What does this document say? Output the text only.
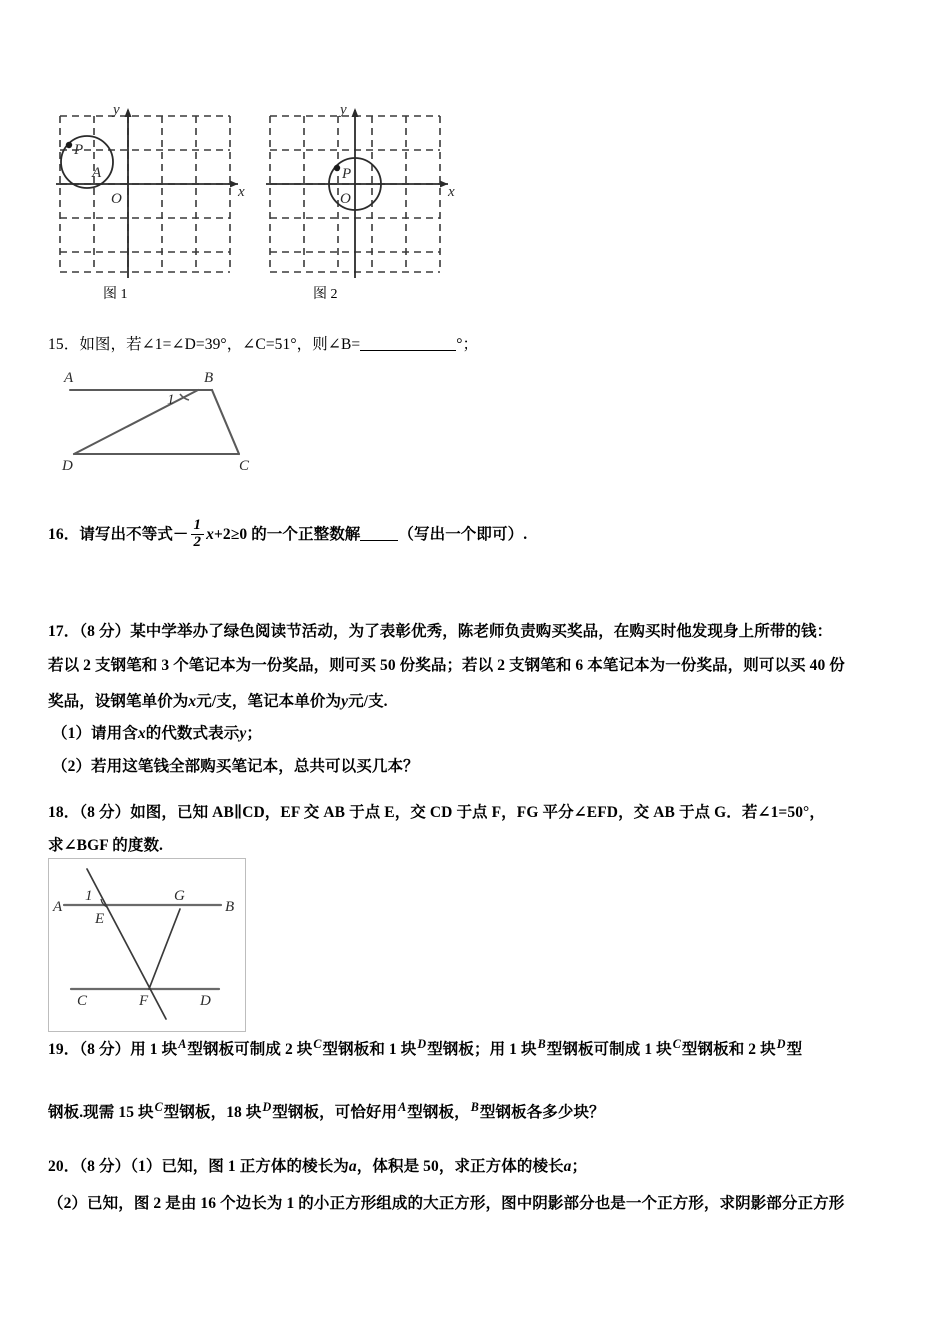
P
A
O	x
y
图 1
P
O	x
y
图 2
15．如图，若∠1=∠D=39°，∠C=51°，则∠B=	°；
1
A	B
C
D
16．请写出不等式－ $\frac{1}{2} x+2\ge 0$ 的一个正整数解 （写出一个即可）.
17．（8 分）某中学举办了绿色阅读节活动，为了表彰优秀，陈老师负责购买奖品，在购买时他发现身上所带的钱：
若以 2 支钢笔和 3 个笔记本为一份奖品，则可买 50 份奖品；若以 2 支钢笔和 6 本笔记本为一份奖品，则可以买 40 份
奖品，设钢笔单价为x元/支，笔记本单价为y元/支.
（1）请用含x的代数式表示y；
（2）若用这笔钱全部购买笔记本，总共可以买几本？
18．（8 分）如图，已知 AB∥CD，EF 交 AB 于点 E，交 CD 于点 F，FG 平分∠EFD，交 AB 于点 G．若∠1=50°，
求∠BGF 的度数.
1
A	B
C	D
E
F
G
19．（8 分）用 1 块$^A$型钢板可制成 2 块$^C$型钢板和 1 块$^D$型钢板；用 1 块$^B$型钢板可制成 1 块$^C$型钢板和 2 块$^D$型
钢板.现需 15 块$^C$型钢板，18 块$^D$型钢板，可恰好用$^A$型钢板，$^B$型钢板各多少块？
20．（8 分）（1）已知，图 1 正方体的棱长为a，体积是 50，求正方体的棱长a；
（2）已知，图 2 是由 16 个边长为 1 的小正方形组成的大正方形，图中阴影部分也是一个正方形，求阴影部分正方形
